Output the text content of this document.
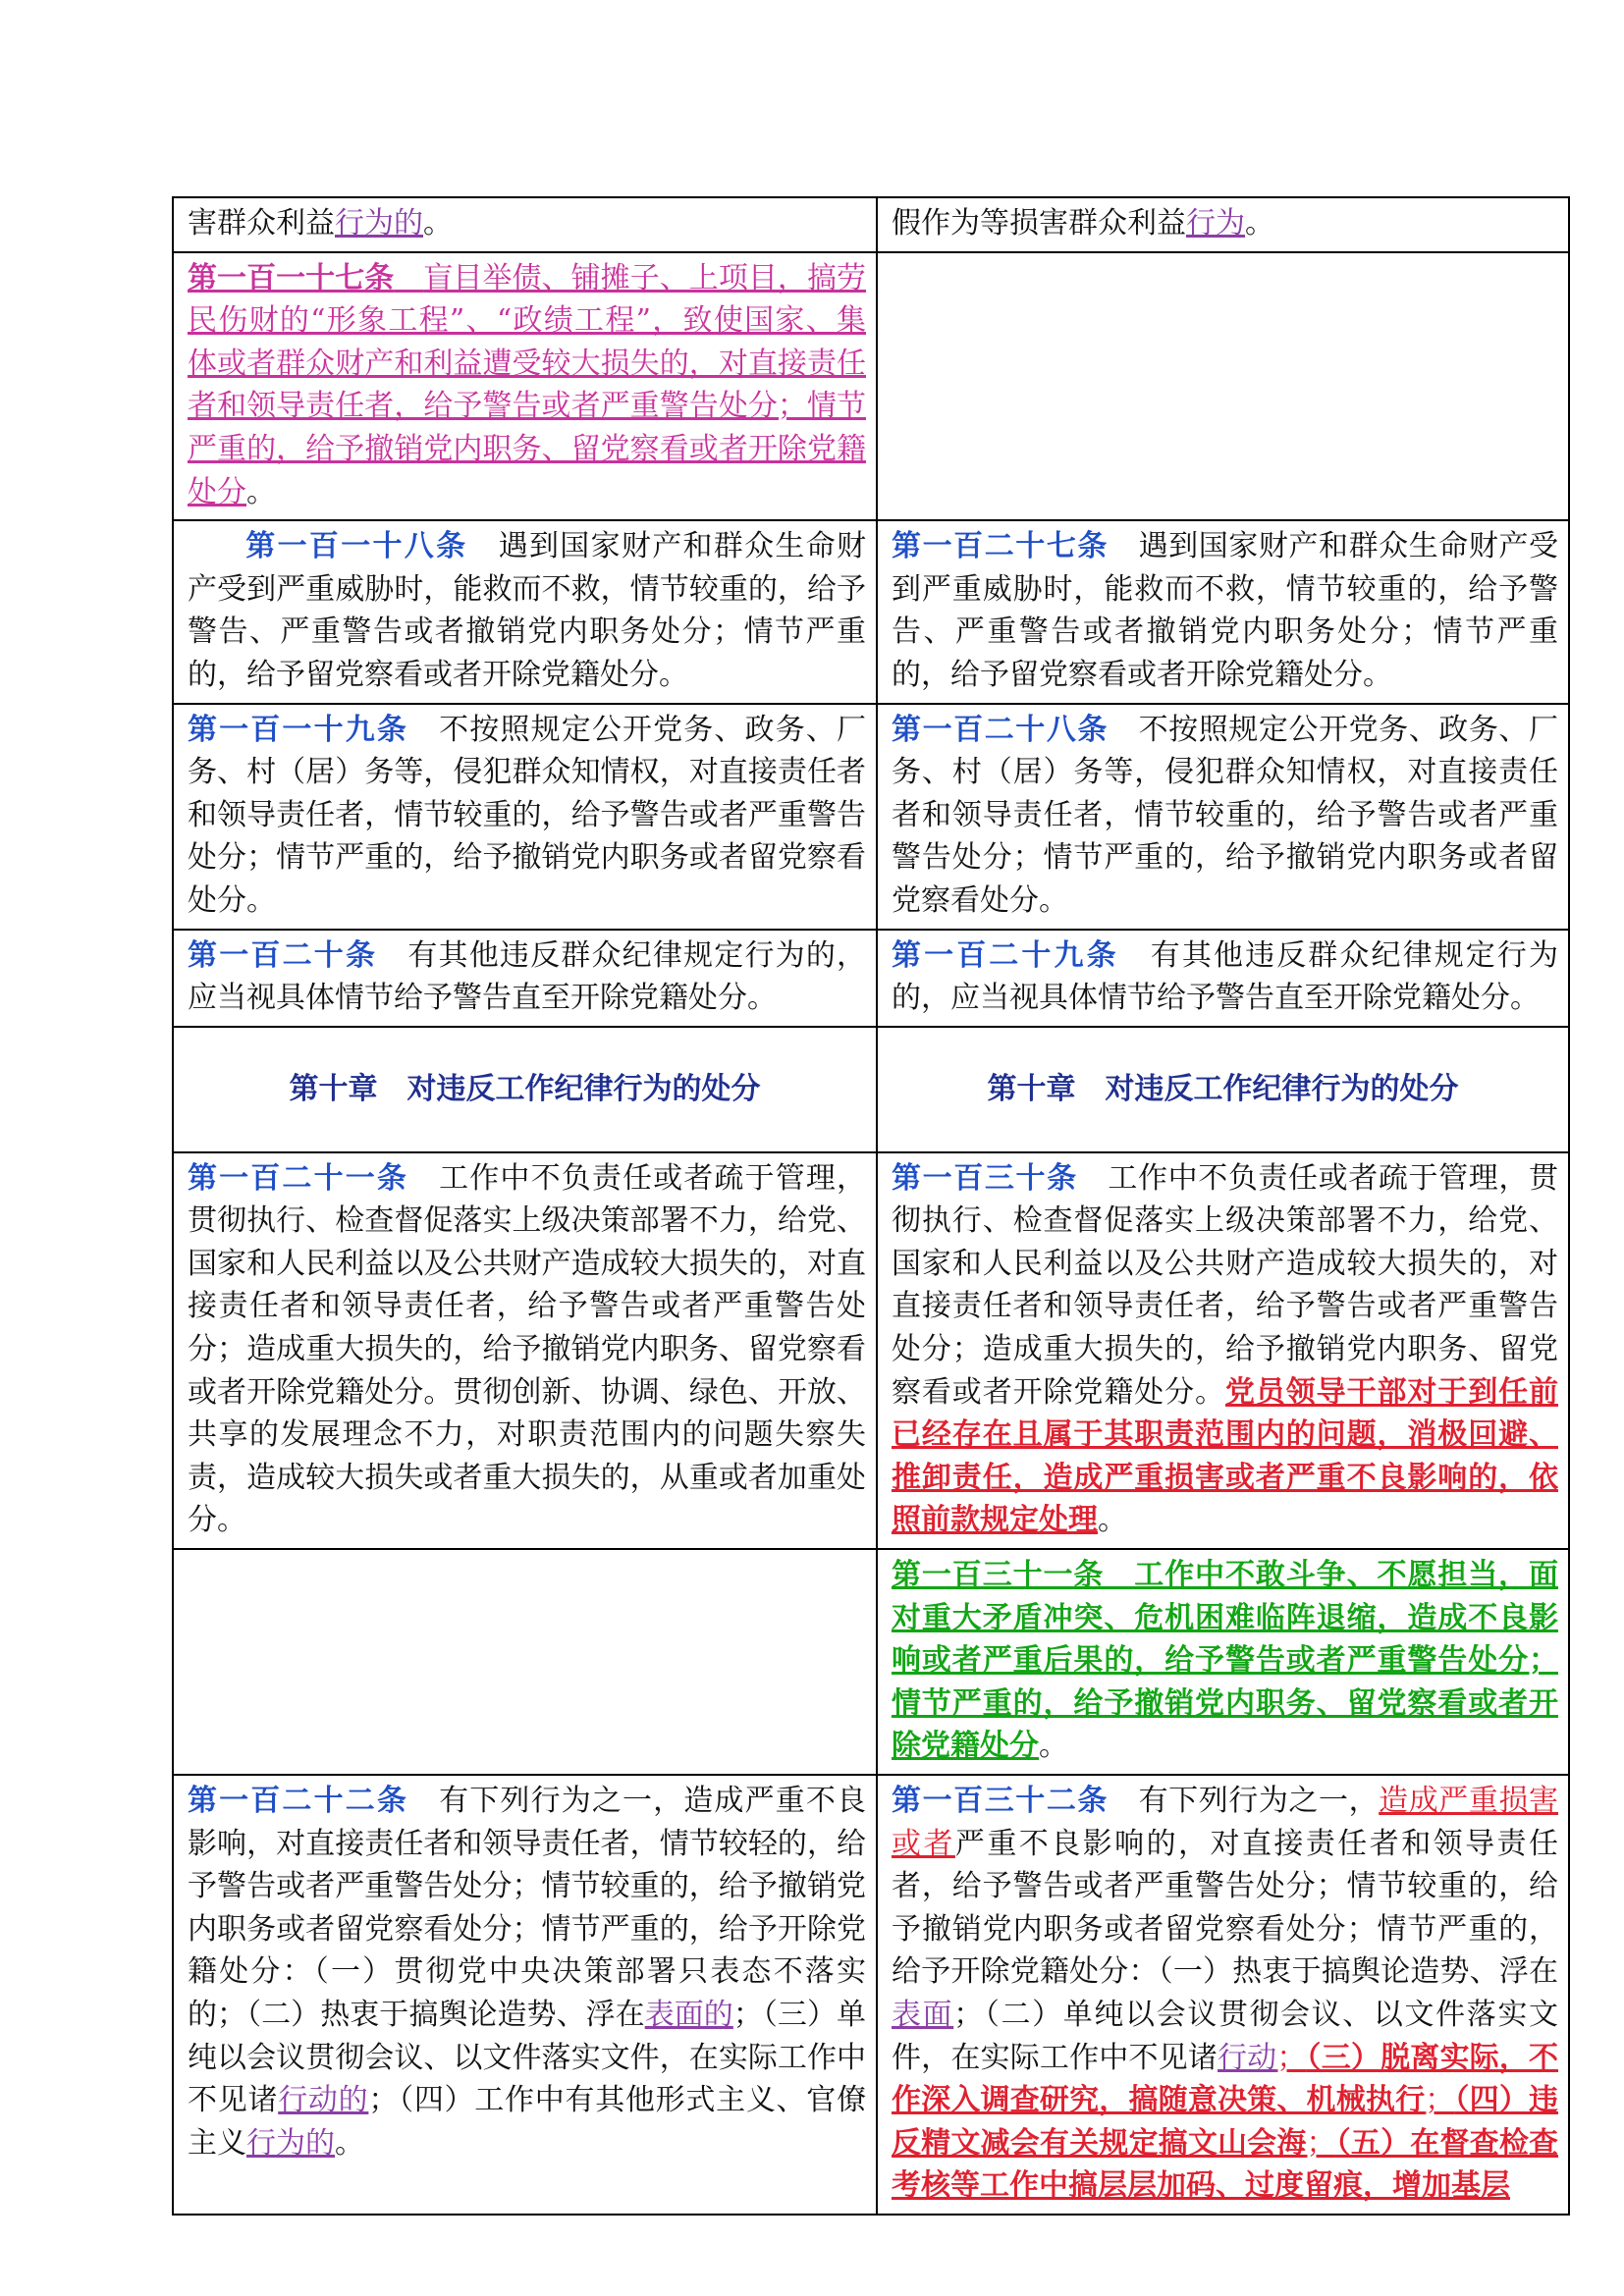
害群众利益行为的。	假作为等损害群众利益行为。
第一百一十七条　 盲目举债、铺摊子、上项目，搞劳民伤财的“形象工程”、“政绩工程”，致使国家、集体或者群众财产和利益遭受较大损失的，对直接责任者和领导责任者，给予警告或者严重警告处分；情节严重的，给予撤销党内职务、留党察看或者开除党籍处分。	
第一百一十八条 遇到国家财产和群众生命财产受到严重威胁时，能救而不救，情节较重的，给予警告、严重警告或者撤销党内职务处分；情节严重的，给予留党察看或者开除党籍处分。	第一百二十七条 遇到国家财产和群众生命财产受到严重威胁时，能救而不救，情节较重的，给予警告、严重警告或者撤销党内职务处分；情节严重的，给予留党察看或者开除党籍处分。
第一百一十九条 不按照规定公开党务、政务、厂务、村（居）务等，侵犯群众知情权，对直接责任者和领导责任者，情节较重的，给予警告或者严重警告处分；情节严重的，给予撤销党内职务或者留党察看处分。	第一百二十八条 不按照规定公开党务、政务、厂务、村（居）务等，侵犯群众知情权，对直接责任者和领导责任者，情节较重的，给予警告或者严重警告处分；情节严重的，给予撤销党内职务或者留党察看处分。
第一百二十条 有其他违反群众纪律规定行为的，应当视具体情节给予警告直至开除党籍处分。	第一百二十九条 有其他违反群众纪律规定行为的，应当视具体情节给予警告直至开除党籍处分。
第十章 对违反工作纪律行为的处分	第十章 对违反工作纪律行为的处分
第一百二十一条 工作中不负责任或者疏于管理，贯彻执行、检查督促落实上级决策部署不力，给党、国家和人民利益以及公共财产造成较大损失的，对直接责任者和领导责任者，给予警告或者严重警告处分；造成重大损失的，给予撤销党内职务、留党察看或者开除党籍处分。贯彻创新、协调、绿色、开放、共享的发展理念不力，对职责范围内的问题失察失责，造成较大损失或者重大损失的，从重或者加重处分。	第一百三十条 工作中不负责任或者疏于管理，贯彻执行、检查督促落实上级决策部署不力，给党、国家和人民利益以及公共财产造成较大损失的，对直接责任者和领导责任者，给予警告或者严重警告处分；造成重大损失的，给予撤销党内职务、留党察看或者开除党籍处分。党员领导干部对于到任前已经存在且属于其职责范围内的问题，消极回避、推卸责任，造成严重损害或者严重不良影响的，依照前款规定处理。
	第一百三十一条　工作中不敢斗争、不愿担当，面对重大矛盾冲突、危机困难临阵退缩，造成不良影响或者严重后果的，给予警告或者严重警告处分；情节严重的，给予撤销党内职务、留党察看或者开除党籍处分。
第一百二十二条 有下列行为之一，造成严重不良影响，对直接责任者和领导责任者，情节较轻的，给予警告或者严重警告处分；情节较重的，给予撤销党内职务或者留党察看处分；情节严重的，给予开除党籍处分：（一）贯彻党中央决策部署只表态不落实的；（二）热衷于搞舆论造势、浮在表面的；（三）单纯以会议贯彻会议、以文件落实文件，在实际工作中不见诸行动的；（四）工作中有其他形式主义、官僚主义行为的。	第一百三十二条 有下列行为之一，造成严重损害或者严重不良影响的，对直接责任者和领导责任者，给予警告或者严重警告处分；情节较重的，给予撤销党内职务或者留党察看处分；情节严重的，给予开除党籍处分：（一）热衷于搞舆论造势、浮在表面；（二）单纯以会议贯彻会议、以文件落实文件，在实际工作中不见诸行动；（三）脱离实际，不作深入调查研究，搞随意决策、机械执行；（四）违反精文减会有关规定搞文山会海；（五）在督查检查考核等工作中搞层层加码、过度留痕，增加基层
